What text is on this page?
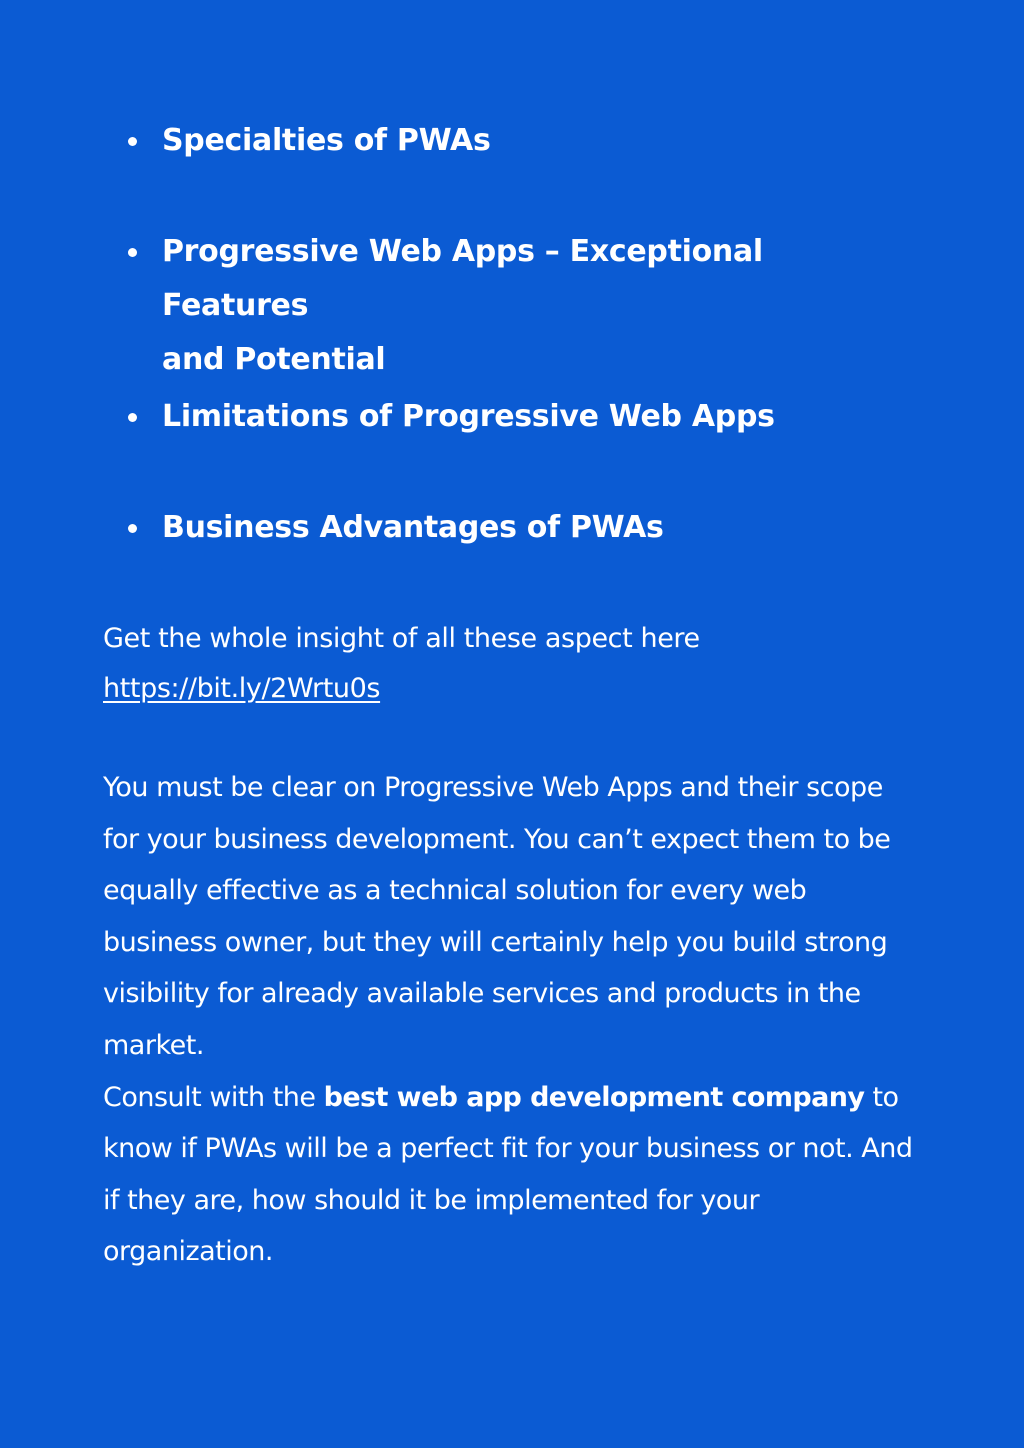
Specialties of PWAs
Progressive Web Apps – Exceptional Features
and Potential
Limitations of Progressive Web Apps
Business Advantages of PWAs
Get the whole insight of all these aspect here
https://bit.ly/2Wrtu0s

You must be clear on Progressive Web Apps and their scope for your business development. You can’t expect them to be equally effective as a technical solution for every web business owner, but they will certainly help you build strong visibility for already available services and products in the market.

Consult with the best web app development company to know if PWAs will be a perfect fit for your business or not. And if they are, how should it be implemented for your organization.
